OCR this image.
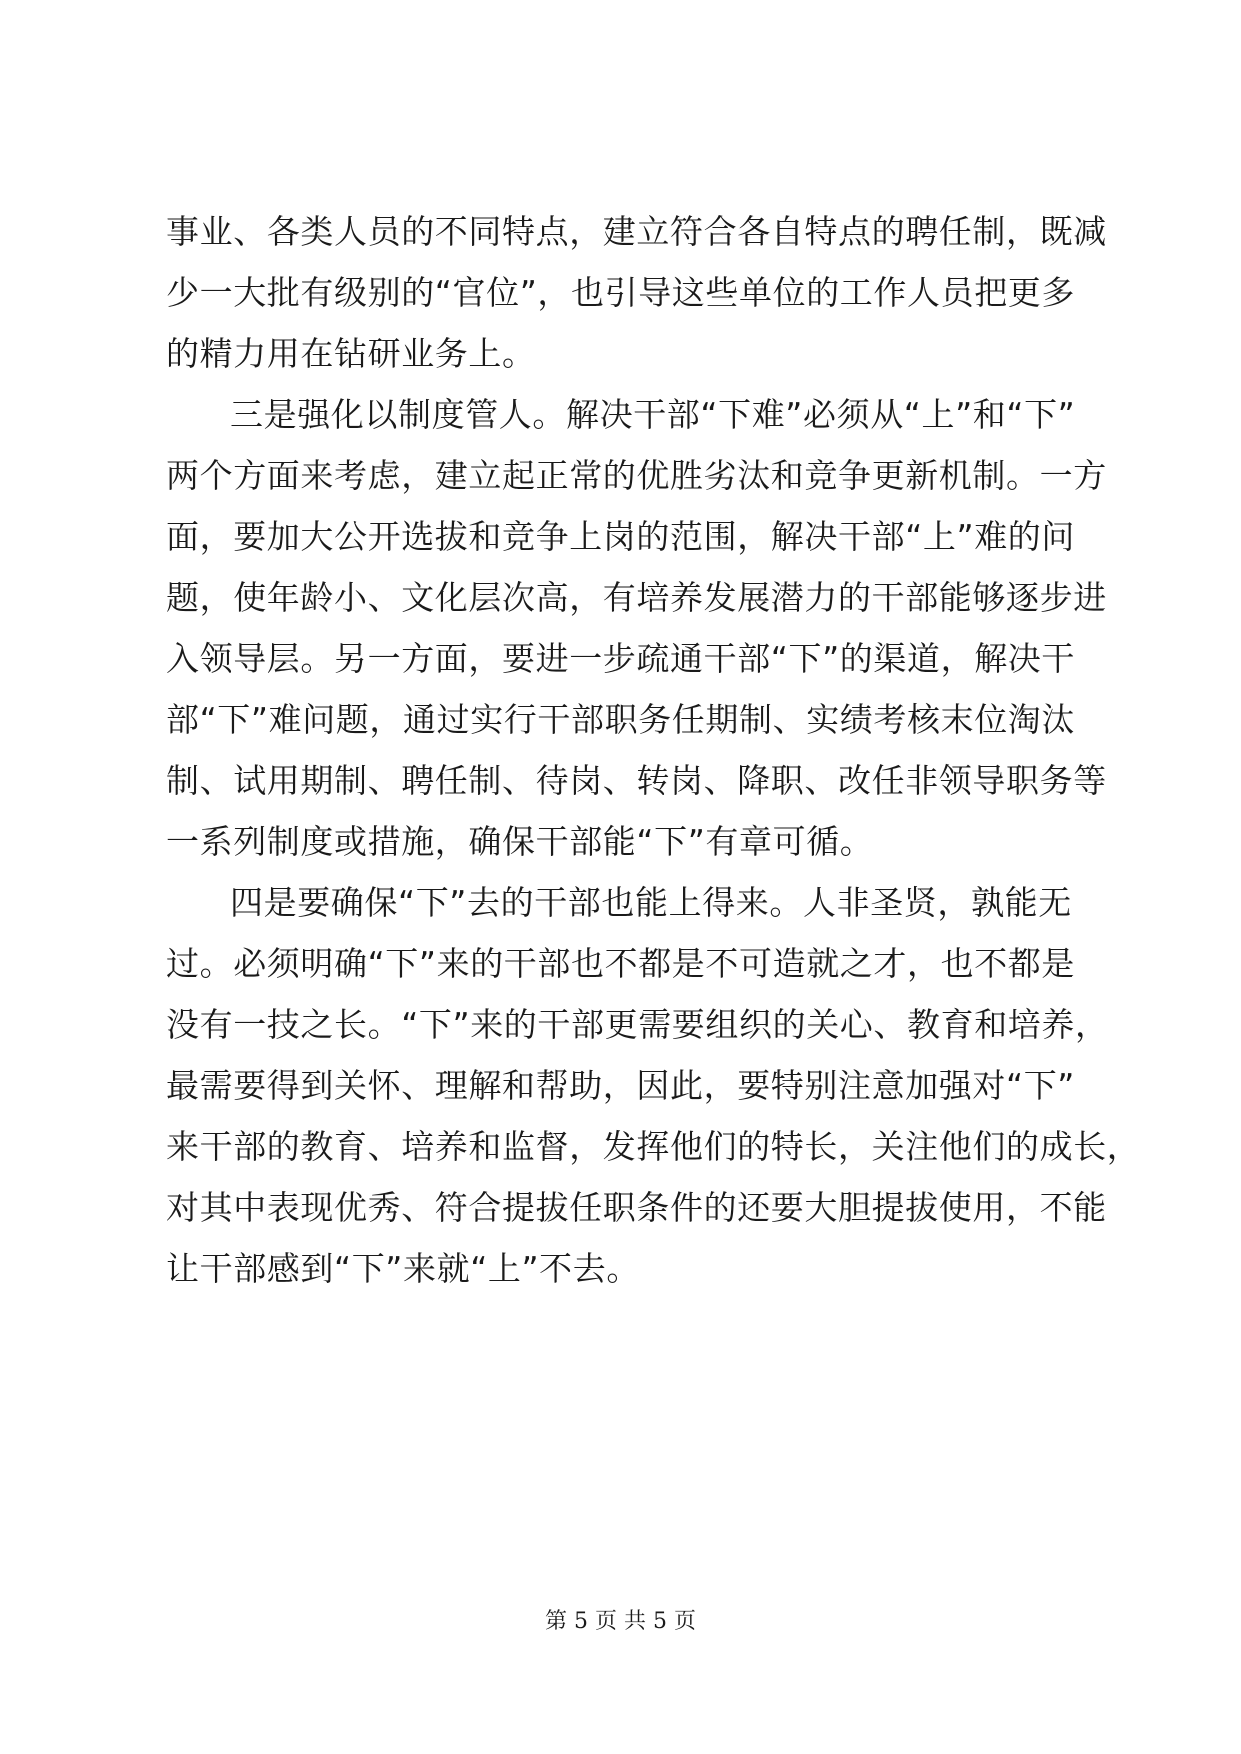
事业、各类人员的不同特点，建立符合各自特点的聘任制，既减
少一大批有级别的“官位”，也引导这些单位的工作人员把更多
的精力用在钻研业务上。
三是强化以制度管人。解决干部“下难”必须从“上”和“下”
两个方面来考虑，建立起正常的优胜劣汰和竞争更新机制。一方
面，要加大公开选拔和竞争上岗的范围，解决干部“上”难的问
题，使年龄小、文化层次高，有培养发展潜力的干部能够逐步进
入领导层。另一方面，要进一步疏通干部“下”的渠道，解决干
部“下”难问题，通过实行干部职务任期制、实绩考核末位淘汰
制、试用期制、聘任制、待岗、转岗、降职、改任非领导职务等
一系列制度或措施，确保干部能“下”有章可循。
四是要确保“下”去的干部也能上得来。人非圣贤，孰能无
过。必须明确“下”来的干部也不都是不可造就之才，也不都是
没有一技之长。“下”来的干部更需要组织的关心、教育和培养，
最需要得到关怀、理解和帮助，因此，要特别注意加强对“下”
来干部的教育、培养和监督，发挥他们的特长，关注他们的成长，
对其中表现优秀、符合提拔任职条件的还要大胆提拔使用，不能
让干部感到“下”来就“上”不去。
第 5 页 共 5 页
